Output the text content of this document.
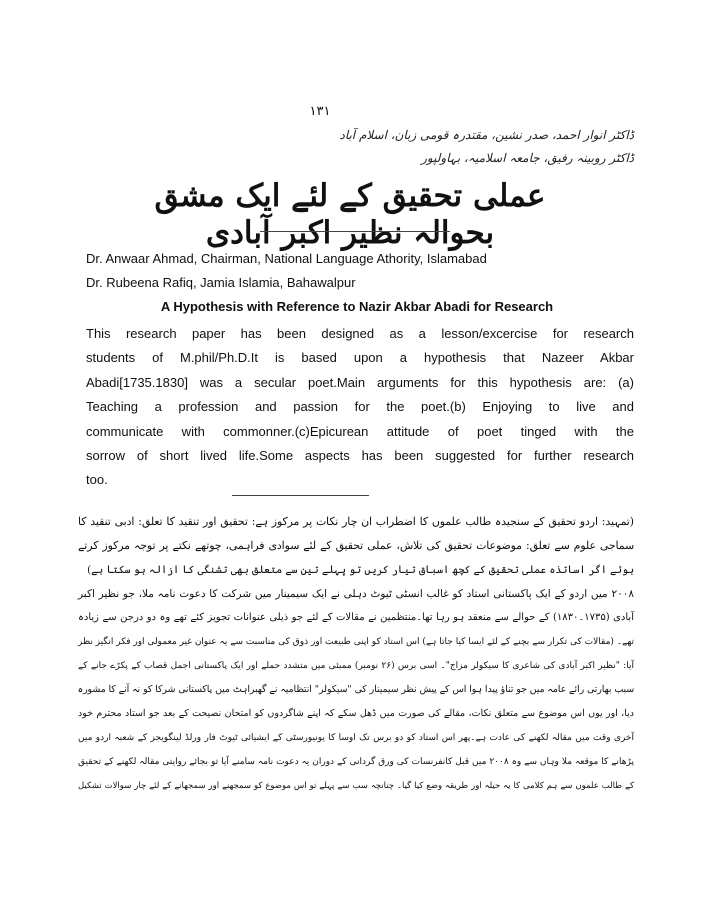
۱۳۱
ڈاکٹر انوار احمد، صدر نشین، مقتدرہ قومی زبان، اسلام آباد
ڈاکٹر روبینہ رفیق، جامعہ اسلامیہ، بہاولپور
عملی تحقیق کے لئے ایک مشق بحوالہ نظیر اکبر آبادی
Dr. Anwaar Ahmad, Chairman, National Language Athority, Islamabad
Dr. Rubeena Rafiq, Jamia Islamia, Bahawalpur
A Hypothesis with Reference to Nazir Akbar Abadi for Research

This research paper has been designed as a lesson/excercise for research

students of M.phil/Ph.D.It is based upon a hypothesis that Nazeer Akbar

Abadi[1735.1830] was a secular poet.Main arguments for this hypothesis are: (a)

Teaching a profession and passion for the poet.(b) Enjoying to live and

communicate with commonner.(c)Epicurean attitude of poet tinged with the

sorrow of short lived life.Some aspects has been suggested for further research

too.

(تمہید: اردو تحقیق کے سنجیدہ طالب علموں کا اضطراب ان چار نکات پر مرکوز ہے: تحقیق اور تنقید کا تعلق: ادبی تنقید کا
سماجی علوم سے تعلق: موضوعات تحقیق کی تلاش، عملی تحقیق کے لئے سوادی فراہمی، چوتھے نکتے پر توجہ مرکوز کرتے
ہوئے اگر اساتذہ عملی تحقیق کے کچھ اسباق تیار کریں تو پہلے تین سے متعلق بھی تشنگی کا ازالہ ہو سکتا ہے)
۲۰۰۸ میں اردو کے ایک پاکستانی استاد کو غالب انسٹی ٹیوٹ دہلی نے ایک سیمینار میں شرکت کا دعوت نامہ ملا، جو نظیر اکبر
آبادی (۱۷۳۵۔۱۸۳۰) کے حوالے سے منعقد ہو رہا تھا۔منتظمین نے مقالات کے لئے جو ذیلی عنوانات تجویز کئے تھے وہ دو درجن سے زیادہ
تھے۔ (مقالات کی تکرار سے بچنے کے لئے ایسا کیا جاتا ہے) اس استاد کو اپنی طبیعت اور ذوق کی مناسبت سے یہ عنوان غیر معمولی اور فکر انگیز نظر
آیا: "نظیر اکبر آبادی کی شاعری کا سیکولر مزاج"۔ اسی برس (۲۶ نومبر) ممبئی میں متشدد حملے اور ایک پاکستانی اجمل قصاب کے پکڑے جانے کے
سبب بھارتی رائے عامہ میں جو تناؤ پیدا ہوا اس کے پیش نظر سیمینار کی "سیکولر" انتظامیہ نے گھبراہٹ میں پاکستانی شرکا کو نہ آنے کا مشورہ
دیا، اور یوں اس موضوع سے متعلق نکات، مقالے کی صورت میں ڈھل سکے کہ اپنے شاگردوں کو امتحان نصیحت کے بعد جو استاد محترم خود
آخری وقت میں مقالہ لکھنے کی عادت ہے۔پھر اس استاد کو دو برس تک اوسا کا یونیورسٹی کے ایشیائی ٹیوٹ فار ورلڈ لینگویجز کے شعبہ اردو میں
پڑھانے کا موقعہ ملا وہاں سے وہ ۲۰۰۸ میں قبل کانفرنسات کی ورق گردانی کے دوران یہ دعوت نامہ سامنے آیا تو بجائے روایتی مقالہ لکھنے کے تحقیق
کے طالب علموں سے ہم کلامی کا یہ حیلہ اور طریقہ وضع کیا گیا۔ چنانچہ سب سے پہلے تو اس موضوع کو سمجھنے اور سمجھانے کے لئے چار سوالات تشکیل
